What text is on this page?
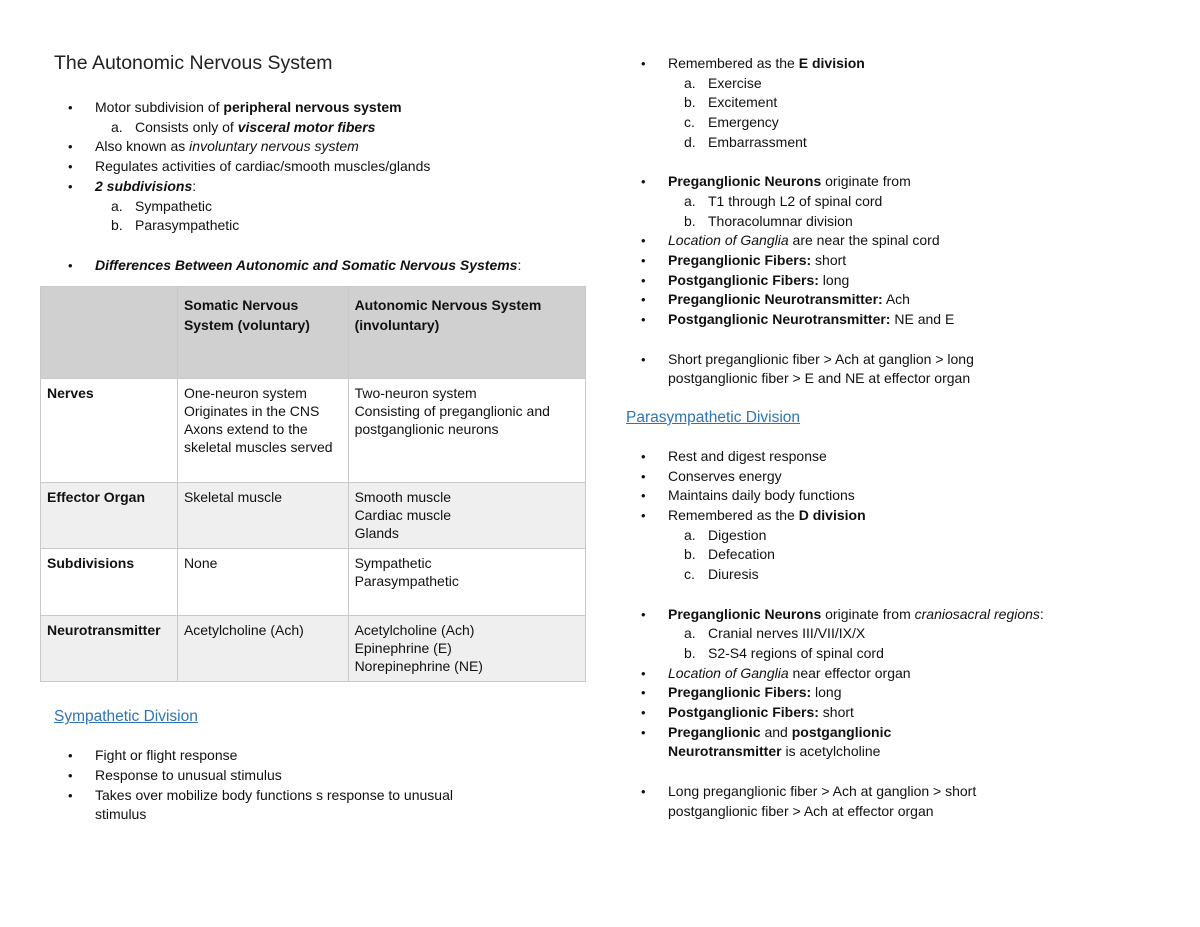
The Autonomic Nervous System
• Motor subdivision of peripheral nervous system
a. Consists only of visceral motor fibers
• Also known as involuntary nervous system
• Regulates activities of cardiac/smooth muscles/glands
• 2 subdivisions:
a. Sympathetic
b. Parasympathetic
• Differences Between Autonomic and Somatic Nervous Systems:
	Somatic Nervous System (voluntary)	Autonomic Nervous System (involuntary)
Nerves	One-neuron system
Originates in the CNS
Axons extend to the skeletal muscles served	Two-neuron system
Consisting of preganglionic and postganglionic neurons

Effector Organ	Skeletal muscle	Smooth muscle
Cardiac muscle
Glands

Subdivisions	None	Sympathetic
Parasympathetic

Neurotransmitter	Acetylcholine (Ach)	Acetylcholine (Ach)
Epinephrine (E)
Norepinephrine (NE)
Sympathetic Division
• Fight or flight response
• Response to unusual stimulus
• Takes over mobilize body functions s response to unusual stimulus
• Remembered as the E division
a. Exercise
b. Excitement
c. Emergency
d. Embarrassment
• Preganglionic Neurons originate from
a. T1 through L2 of spinal cord
b. Thoracolumnar division
• Location of Ganglia are near the spinal cord
• Preganglionic Fibers: short
• Postganglionic Fibers: long
• Preganglionic Neurotransmitter: Ach
• Postganglionic Neurotransmitter: NE and E
• Short preganglionic fiber > Ach at ganglion > long postganglionic fiber > E and NE at effector organ
Parasympathetic Division
• Rest and digest response
• Conserves energy
• Maintains daily body functions
• Remembered as the D division
a. Digestion
b. Defecation
c. Diuresis
• Preganglionic Neurons originate from craniosacral regions:
a. Cranial nerves III/VII/IX/X
b. S2-S4 regions of spinal cord
• Location of Ganglia near effector organ
• Preganglionic Fibers: long
• Postganglionic Fibers: short
• Preganglionic and postganglionic Neurotransmitter is acetylcholine
• Long preganglionic fiber > Ach at ganglion > short postganglionic fiber > Ach at effector organ
